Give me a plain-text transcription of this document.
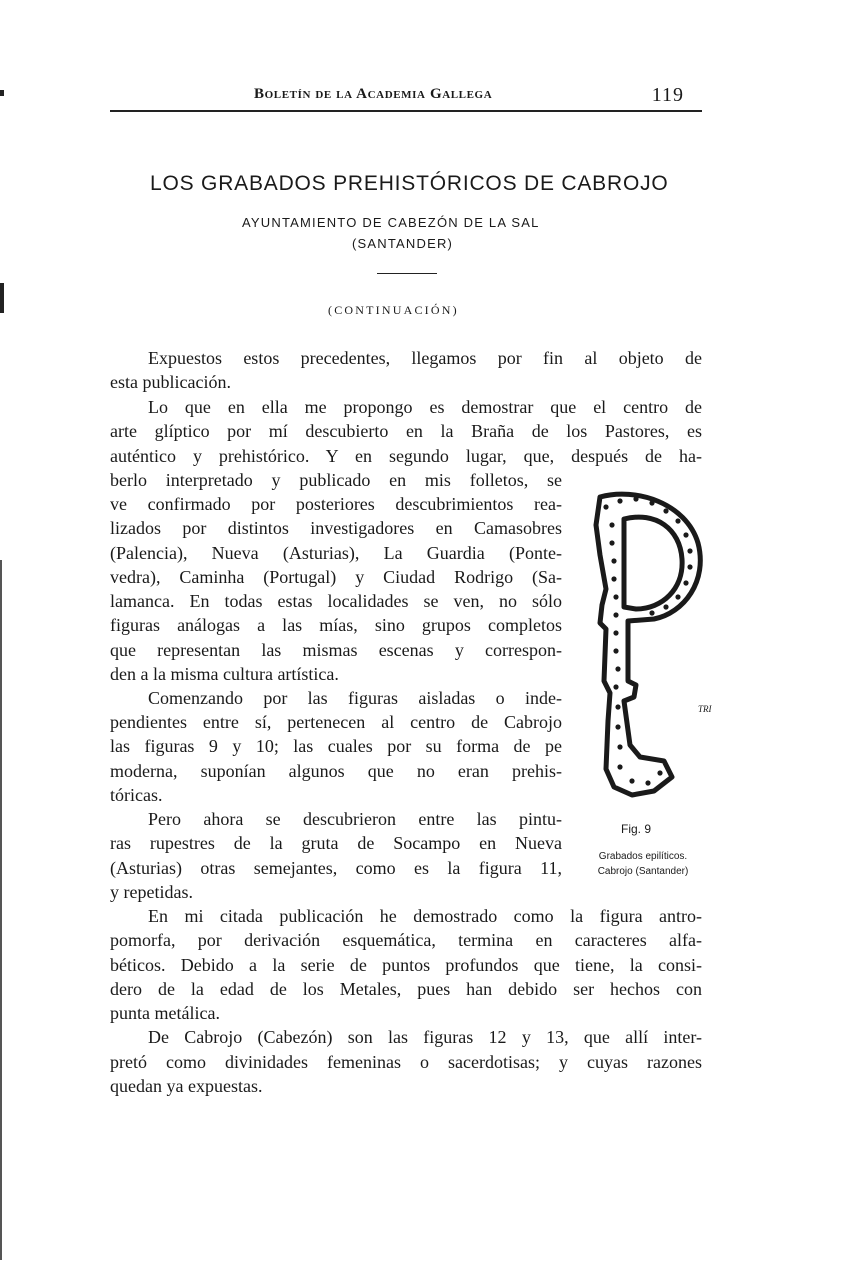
Boletín de la Academia Gallega	119
LOS GRABADOS PREHISTÓRICOS DE CABROJO
AYUNTAMIENTO DE CABEZÓN DE LA SAL
(SANTANDER)
(CONTINUACIÓN)
Expuestos estos precedentes, llegamos por fin al objeto de
esta publicación.
Lo que en ella me propongo es demostrar que el centro de
arte glíptico por mí descubierto en la Braña de los Pastores, es
auténtico y prehistórico. Y en segundo lugar, que, después de ha-
berlo interpretado y publicado en mis folletos, se
ve confirmado por posteriores descubrimientos rea-
lizados por distintos investigadores en Camasobres
(Palencia), Nueva (Asturias), La Guardia (Ponte-
vedra), Caminha (Portugal) y Ciudad Rodrigo (Sa-
lamanca. En todas estas localidades se ven, no sólo
figuras análogas a las mías, sino grupos completos
que representan las mismas escenas y correspon-
den a la misma cultura artística.
Comenzando por las figuras aisladas o inde-
pendientes entre sí, pertenecen al centro de Cabrojo
las figuras 9 y 10; las cuales por su forma de pe
moderna, suponían algunos que no eran prehis-
tóricas.
Pero ahora se descubrieron entre las pintu-
ras rupestres de la gruta de Socampo en Nueva
(Asturias) otras semejantes, como es la figura 11,
y repetidas.
En mi citada publicación he demostrado como la figura antro-
pomorfa, por derivación esquemática, termina en caracteres alfa-
béticos. Debido a la serie de puntos profundos que tiene, la consi-
dero de la edad de los Metales, pues han debido ser hechos con
punta metálica.
De Cabrojo (Cabezón) son las figuras 12 y 13, que allí inter-
pretó como divinidades femeninas o sacerdotisas; y cuyas razones
quedan ya expuestas.
TRI
Fig. 9
Grabados epilíticos.
Cabrojo (Santander)
